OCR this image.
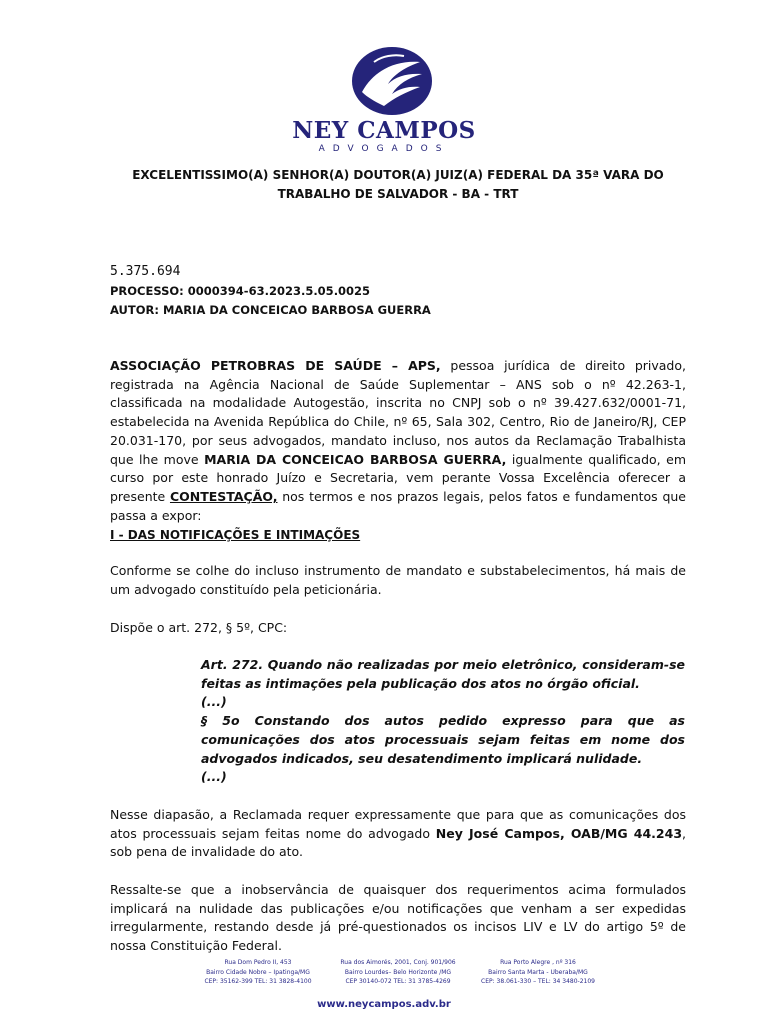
NEY CAMPOS
ADVOGADOS
EXCELENTISSIMO(A) SENHOR(A) DOUTOR(A) JUIZ(A) FEDERAL DA 35ª VARA DO TRABALHO DE SALVADOR - BA - TRT
5.375.694
PROCESSO: 0000394-63.2023.5.05.0025
AUTOR: MARIA DA CONCEICAO BARBOSA GUERRA
ASSOCIAÇÃO PETROBRAS DE SAÚDE – APS, pessoa jurídica de direito privado, registrada na Agência Nacional de Saúde Suplementar – ANS sob o nº 42.263-1, classificada na modalidade Autogestão, inscrita no CNPJ sob o nº 39.427.632/0001-71, estabelecida na Avenida República do Chile, nº 65, Sala 302, Centro, Rio de Janeiro/RJ, CEP 20.031-170, por seus advogados, mandato incluso, nos autos da Reclamação Trabalhista que lhe move MARIA DA CONCEICAO BARBOSA GUERRA, igualmente qualificado, em curso por este honrado Juízo e Secretaria, vem perante Vossa Excelência oferecer a presente CONTESTAÇÃO, nos termos e nos prazos legais, pelos fatos e fundamentos que passa a expor:
I - DAS NOTIFICAÇÕES E INTIMAÇÕES
Conforme se colhe do incluso instrumento de mandato e substabelecimentos, há mais de um advogado constituído pela peticionária.
Dispõe o art. 272, § 5º, CPC:
Art. 272. Quando não realizadas por meio eletrônico, consideram-se feitas as intimações pela publicação dos atos no órgão oficial.
(...)
§ 5o Constando dos autos pedido expresso para que as comunicações dos atos processuais sejam feitas em nome dos advogados indicados, seu desatendimento implicará nulidade.
(...)
Nesse diapasão, a Reclamada requer expressamente que para que as comunicações dos atos processuais sejam feitas nome do advogado Ney José Campos, OAB/MG 44.243, sob pena de invalidade do ato.
Ressalte-se que a inobservância de quaisquer dos requerimentos acima formulados implicará na nulidade das publicações e/ou notificações que venham a ser expedidas irregularmente, restando desde já pré-questionados os incisos LIV e LV do artigo 5º de nossa Constituição Federal.
Rua Dom Pedro II, 453
Bairro Cidade Nobre – Ipatinga/MG
CEP: 35162-399 TEL: 31 3828-4100
Rua dos Aimorés, 2001, Conj. 901/906
Bairro Lourdes– Belo Horizonte /MG
CEP 30140-072 TEL: 31 3785-4269
Rua Porto Alegre , nº 316
Bairro Santa Marta - Uberaba/MG
CEP: 38.061-330 – TEL: 34 3480-2109
www.neycampos.adv.br
